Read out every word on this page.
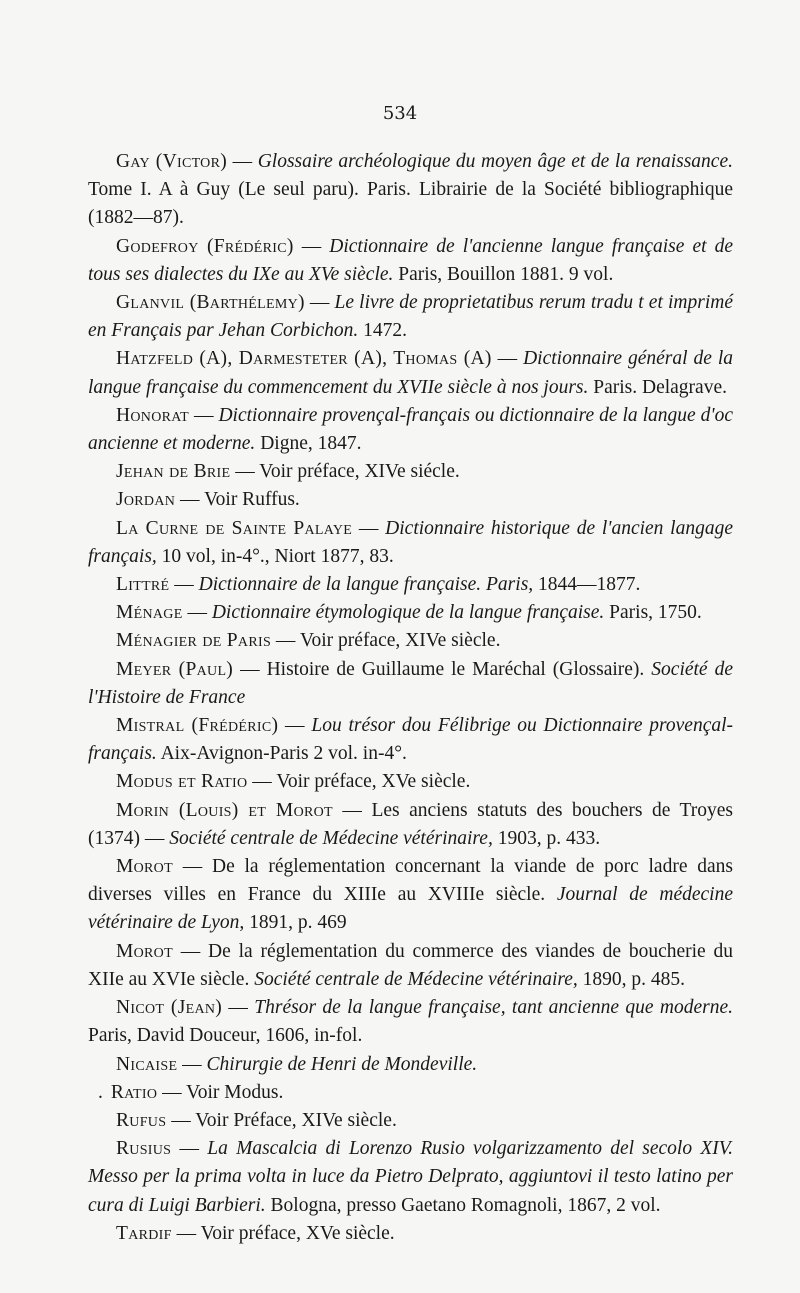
534

Gay (Victor) — Glossaire archéologique du moyen âge et de la renaissance. Tome I. A à Guy (Le seul paru). Paris. Librairie de la Société bibliographique (1882—87).

Godefroy (Frédéric) — Dictionnaire de l'ancienne langue française et de tous ses dialectes du IXe au XVe siècle. Paris, Bouillon 1881. 9 vol.

Glanvil (Barthélemy) — Le livre de proprietatibus rerum tradu t et imprimé en Français par Jehan Corbichon. 1472.

Hatzfeld (A), Darmesteter (A), Thomas (A) — Dictionnaire général de la langue française du commencement du XVIIe siècle à nos jours. Paris. Delagrave.

Honorat — Dictionnaire provençal-français ou dictionnaire de la langue d'oc ancienne et moderne. Digne, 1847.

Jehan de Brie — Voir préface, XIVe siécle.

Jordan — Voir Ruffus.

La Curne de Sainte Palaye — Dictionnaire historique de l'ancien langage français, 10 vol, in-4°., Niort 1877, 83.

Littré — Dictionnaire de la langue française. Paris, 1844—1877.

Ménage — Dictionnaire étymologique de la langue française. Paris, 1750.

Ménagier de Paris — Voir préface, XIVe siècle.

Meyer (Paul) — Histoire de Guillaume le Maréchal (Glossaire). Société de l'Histoire de France

Mistral (Frédéric) — Lou trésor dou Félibrige ou Dictionnaire provençal-français. Aix-Avignon-Paris 2 vol. in-4°.

Modus et Ratio — Voir préface, XVe siècle.

Morin (Louis) et Morot — Les anciens statuts des bouchers de Troyes (1374) — Société centrale de Médecine vétérinaire, 1903, p. 433.

Morot — De la réglementation concernant la viande de porc ladre dans diverses villes en France du XIIIe au XVIIIe siècle. Journal de médecine vétérinaire de Lyon, 1891, p. 469

Morot — De la réglementation du commerce des viandes de boucherie du XIIe au XVIe siècle. Société centrale de Médecine vétérinaire, 1890, p. 485.

Nicot (Jean) — Thrésor de la langue française, tant ancienne que moderne. Paris, David Douceur, 1606, in-fol.

Nicaise — Chirurgie de Henri de Mondeville.

. Ratio — Voir Modus.

Rufus — Voir Préface, XIVe siècle.

Rusius — La Mascalcia di Lorenzo Rusio volgarizzamento del secolo XIV. Messo per la prima volta in luce da Pietro Delprato, aggiuntovi il testo latino per cura di Luigi Barbieri. Bologna, presso Gaetano Romagnoli, 1867, 2 vol.

Tardif — Voir préface, XVe siècle.
